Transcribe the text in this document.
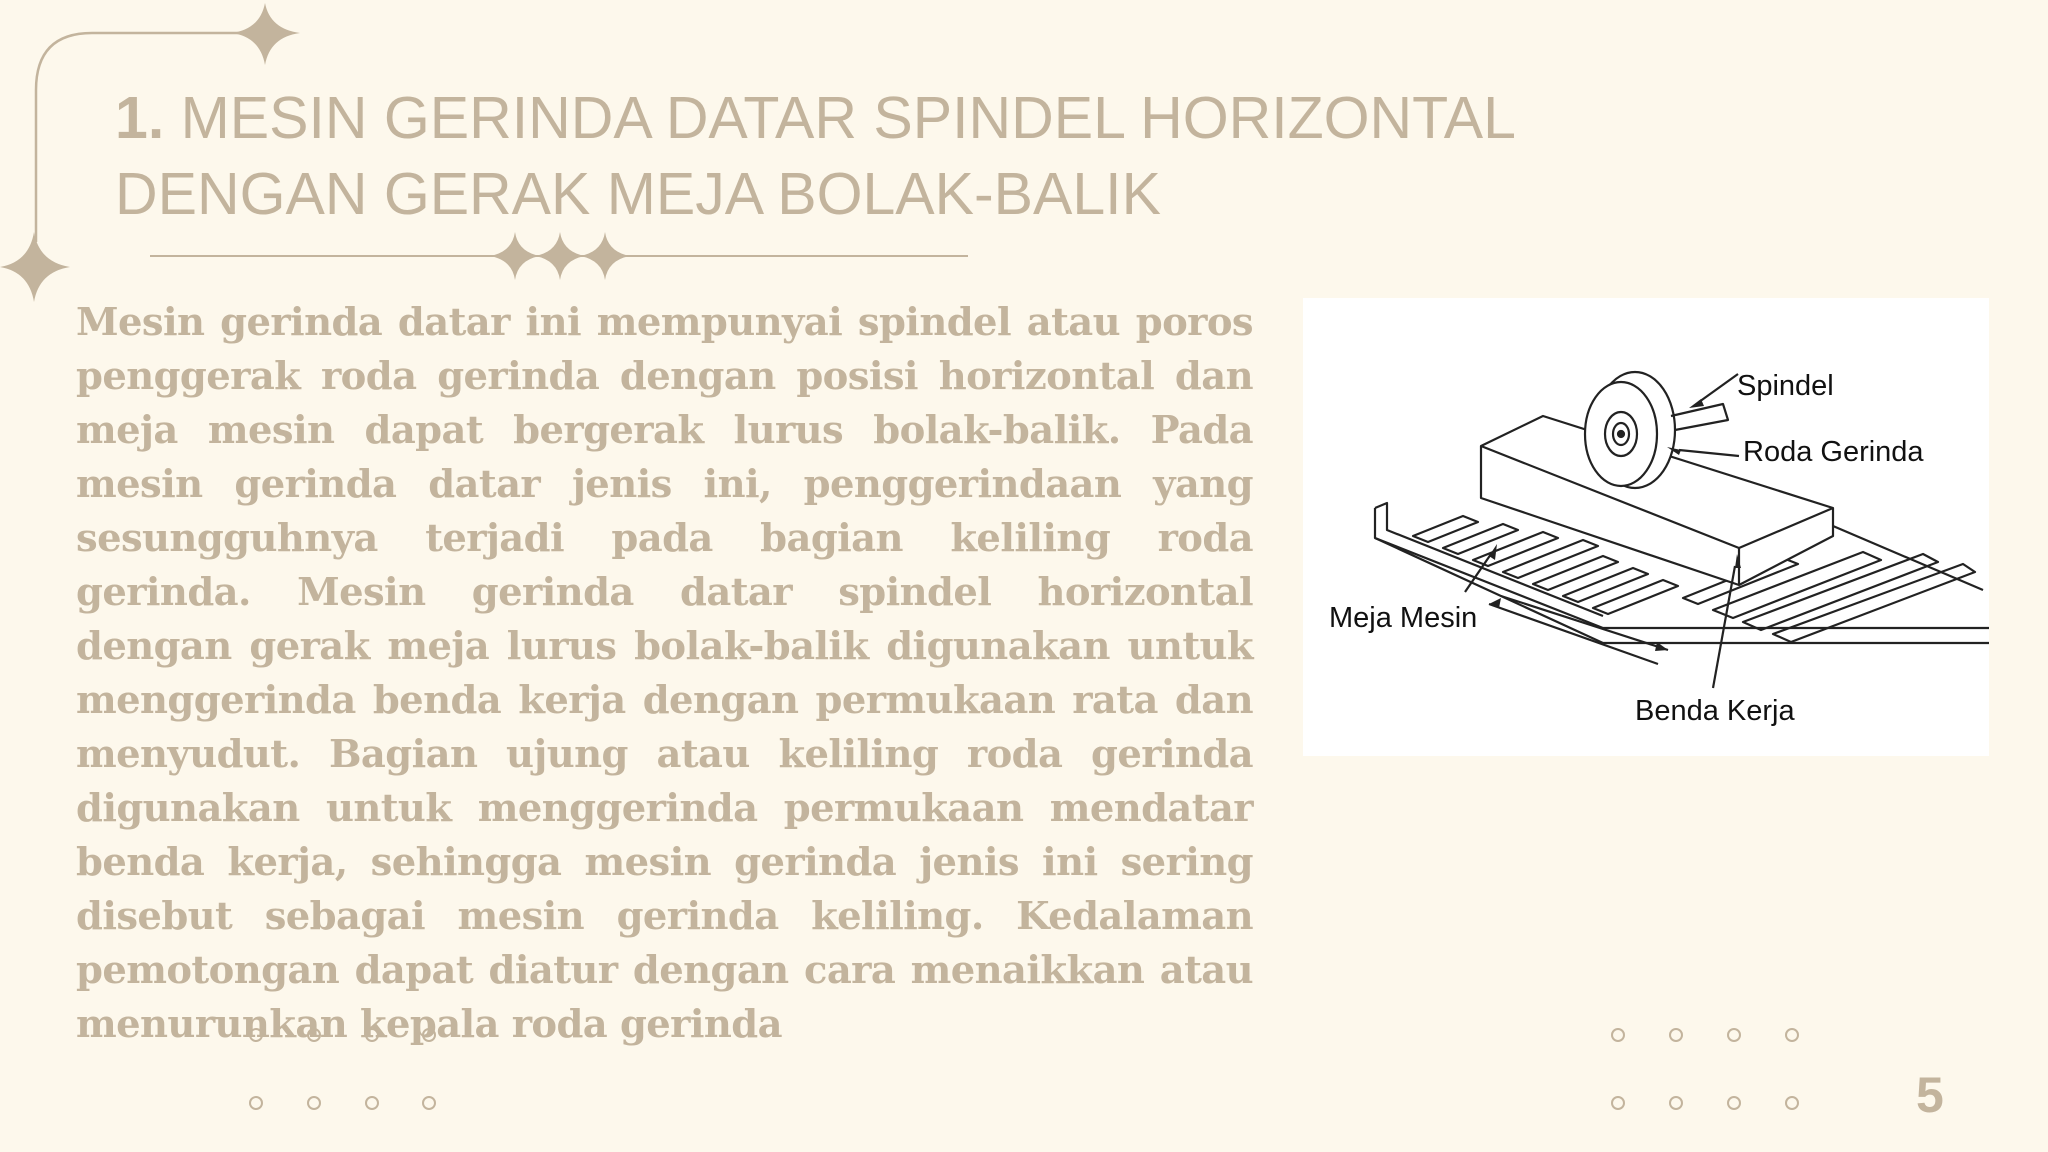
1. MESIN GERINDA DATAR SPINDEL HORIZONTAL DENGAN GERAK MEJA BOLAK-BALIK

Mesin gerinda datar ini mempunyai spindel atau poros penggerak roda gerinda dengan posisi horizontal dan meja mesin dapat bergerak lurus bolak-balik. Pada mesin gerinda datar jenis ini, penggerindaan yang sesungguhnya terjadi pada bagian keliling roda gerinda. Mesin gerinda datar spindel horizontal dengan gerak meja lurus bolak-balik digunakan untuk menggerinda benda kerja dengan permukaan rata dan menyudut. Bagian ujung atau keliling roda gerinda digunakan untuk menggerinda permukaan mendatar benda kerja, sehingga mesin gerinda jenis ini sering disebut sebagai mesin gerinda keliling. Kedalaman pemotongan dapat diatur dengan cara menaikkan atau menurunkan kepala roda gerinda

Spindel
Roda Gerinda
Meja Mesin
Benda Kerja
5
